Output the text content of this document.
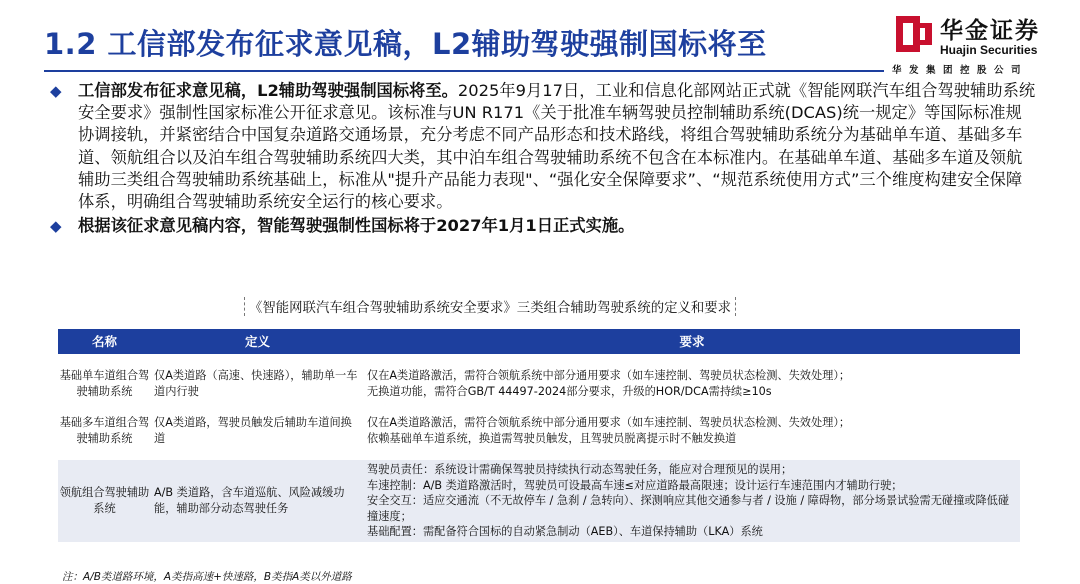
1.2 工信部发布征求意见稿，L2辅助驾驶强制国标将至	华金证券
Huajin Securities
华发集团控股公司
◆ 工信部发布征求意见稿，L2辅助驾驶强制国标将至。2025年9月17日，工业和信息化部网站正式就《智能网联汽车组合驾驶辅助系统安全要求》强制性国家标准公开征求意见。该标准与UN R171《关于批准车辆驾驶员控制辅助系统(DCAS)统一规定》等国际标准规协调接轨，并紧密结合中国复杂道路交通场景，充分考虑不同产品形态和技术路线，将组合驾驶辅助系统分为基础单车道、基础多车道、领航组合以及泊车组合驾驶辅助系统四大类，其中泊车组合驾驶辅助系统不包含在本标准内。在基础单车道、基础多车道及领航辅助三类组合驾驶辅助系统基础上，标准从"提升产品能力表现"、“强化安全保障要求”、“规范系统使用方式”三个维度构建安全保障体系，明确组合驾驶辅助系统安全运行的核心要求。
◆ 根据该征求意见稿内容，智能驾驶强制性国标将于2027年1月1日正式实施。
《智能网联汽车组合驾驶辅助系统安全要求》三类组合辅助驾驶系统的定义和要求
名称	定义	要求

基础单车道组合驾驶辅助系统	仅A类道路（高速、快速路），辅助单一车道内行驶	仅在A类道路激活，需符合领航系统中部分通用要求（如车速控制、驾驶员状态检测、失效处理）；
无换道功能，需符合GB/T 44497-2024部分要求，升级的HOR/DCA需持续≥10s

基础多车道组合驾驶辅助系统	仅A类道路，驾驶员触发后辅助车道间换道	仅在A类道路激活，需符合领航系统中部分通用要求（如车速控制、驾驶员状态检测、失效处理）；
依赖基础单车道系统，换道需驾驶员触发，且驾驶员脱离提示时不触发换道

领航组合驾驶辅助系统	A/B 类道路，含车道巡航、风险减缓功能，辅助部分动态驾驶任务	驾驶员责任：系统设计需确保驾驶员持续执行动态驾驶任务，能应对合理预见的误用；
车速控制：A/B 类道路激活时，驾驶员可设最高车速≤对应道路最高限速；设计运行车速范围内才辅助行驶；
安全交互：适应交通流（不无故停车 / 急刹 / 急转向）、探测响应其他交通参与者 / 设施 / 障碍物，部分场景试验需无碰撞或降低碰撞速度；
基础配置：需配备符合国标的自动紧急制动（AEB）、车道保持辅助（LKA）系统
注：A/B类道路环境，A类指高速+快速路，B类指A类以外道路
